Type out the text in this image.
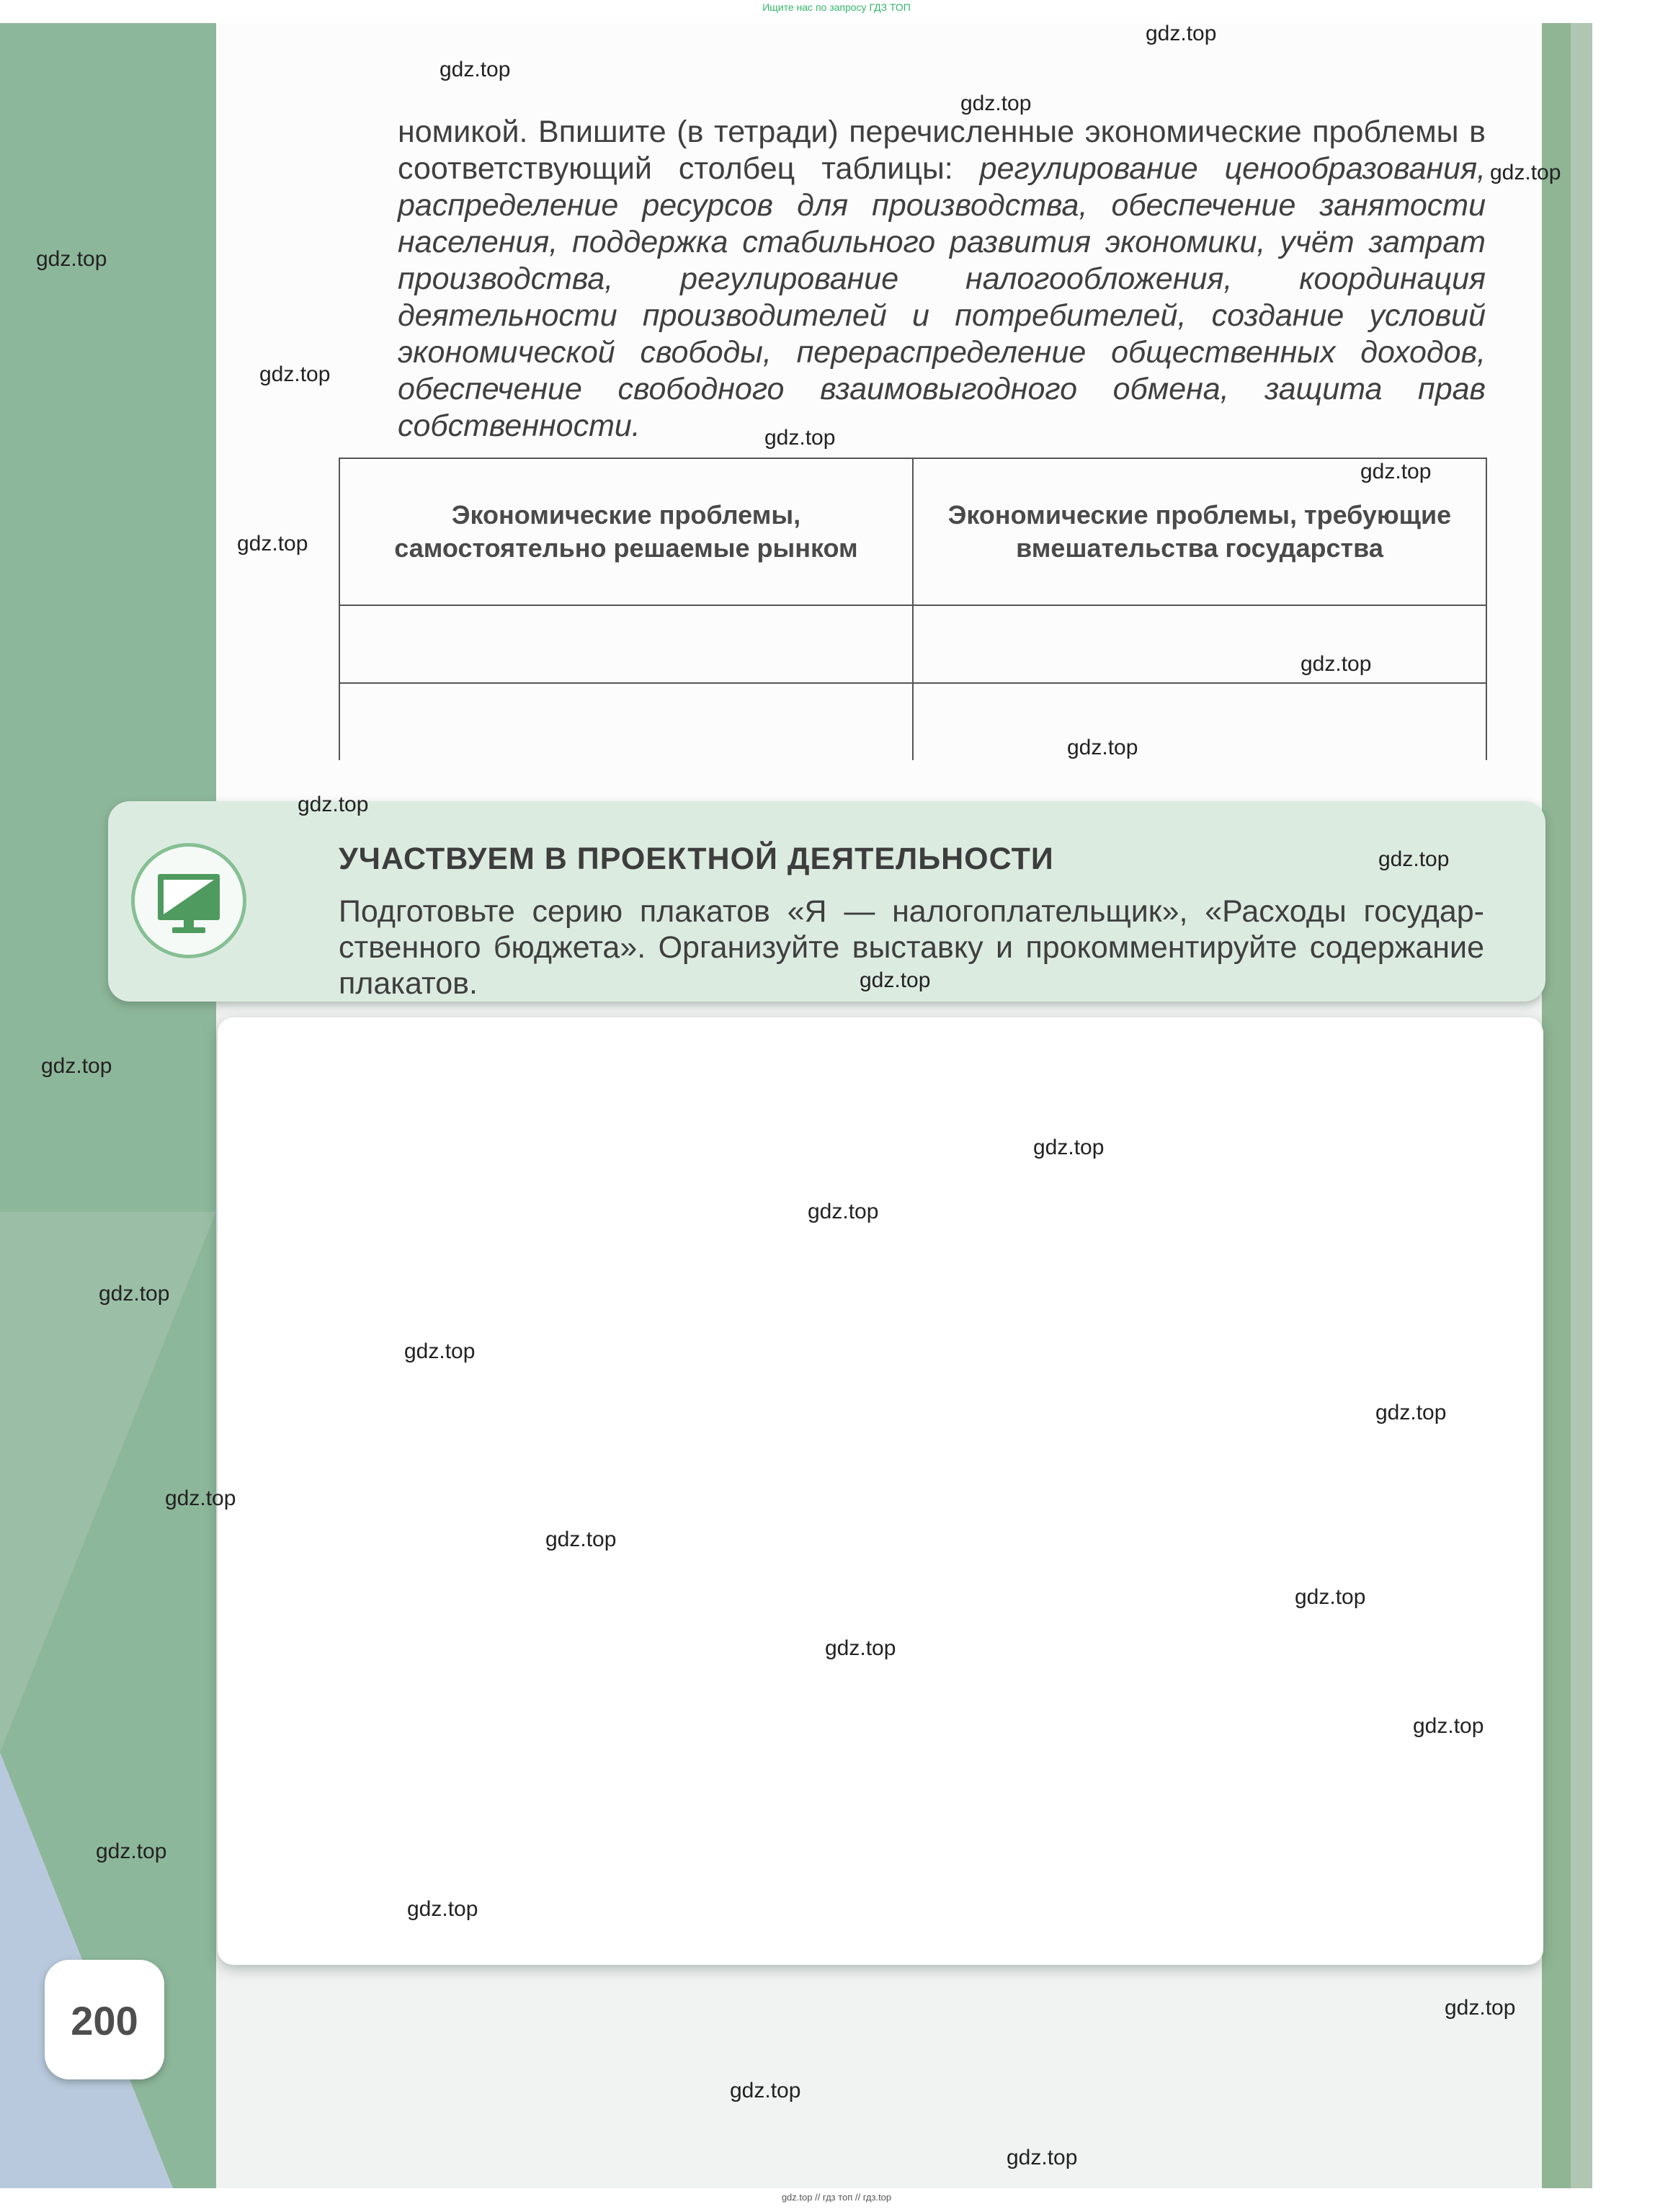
Ищите нас по запросу ГДЗ ТОП
номикой. Впишите (в тетради) перечисленные экономические проблемы в соответствующий столбец таблицы: регулирование ценообразования, распределение ресурсов для производства, обеспечение занятости населения, поддержка стабильного развития экономики, учёт затрат производства, регулирование налогообложения, координация деятельности производителей и потребителей, создание условий экономической свободы, перераспределение общественных доходов, обеспечение свободного взаимовыгодного обмена, защита прав собственности.
Экономические проблемы, самостоятельно решаемые рынком	Экономические проблемы, требующие вмешательства государства

УЧАСТВУЕМ В ПРОЕКТНОЙ ДЕЯТЕЛЬНОСТИ
Подготовьте серию плакатов «Я — налогоплательщик», «Расходы государственного бюджета». Организуйте выставку и прокомментируйте содержание плакатов.
200
gdz.top
gdz.top
gdz.top
gdz.top
gdz.top
gdz.top
gdz.top
gdz.top
gdz.top
gdz.top
gdz.top
gdz.top
gdz.top
gdz.top
gdz.top
gdz.top
gdz.top
gdz.top
gdz.top
gdz.top
gdz.top
gdz.top
gdz.top
gdz.top
gdz.top
gdz.top
gdz.top
gdz.top
gdz.top
gdz.top
gdz.top // гдз топ // гдз.top
